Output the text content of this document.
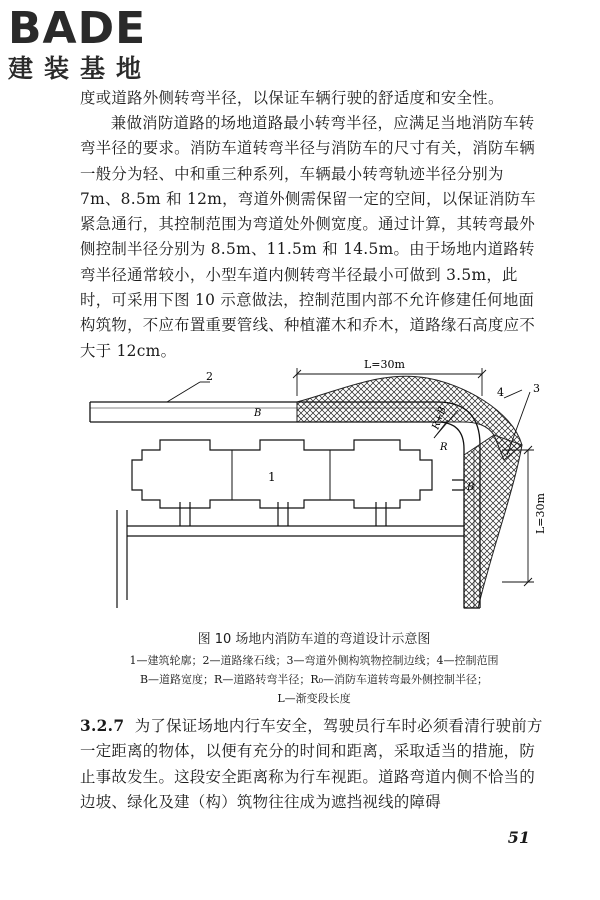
BADE
建装基地

度或道路外侧转弯半径，以保证车辆行驶的舒适度和安全性。

兼做消防道路的场地道路最小转弯半径，应满足当地消防车转弯半径的要求。消防车道转弯半径与消防车的尺寸有关，消防车辆一般分为轻、中和重三种系列，车辆最小转弯轨迹半径分别为 7m、8.5m 和 12m，弯道外侧需保留一定的空间，以保证消防车紧急通行，其控制范围为弯道处外侧宽度。通过计算，其转弯最外侧控制半径分别为 8.5m、11.5m 和 14.5m。由于场地内道路转弯半径通常较小，小型车道内侧转弯半径最小可做到 3.5m，此时，可采用下图 10 示意做法，控制范围内部不允许修建任何地面构筑物，不应布置重要管线、种植灌木和乔木，道路缘石高度应不大于 12cm。

1
R
R+B
B
B
L=30m
L=30m
2
4	3

图 10 场地内消防车道的弯道设计示意图

1—建筑轮廓；2—道路缘石线；3—弯道外侧构筑物控制边线；4—控制范围

B—道路宽度；R—道路转弯半径；R₀—消防车道转弯最外侧控制半径；

L—渐变段长度

3.2.7 为了保证场地内行车安全，驾驶员行车时必须看清行驶前方一定距离的物体，以便有充分的时间和距离，采取适当的措施，防止事故发生。这段安全距离称为行车视距。道路弯道内侧不恰当的边坡、绿化及建（构）筑物往往成为遮挡视线的障碍

51
